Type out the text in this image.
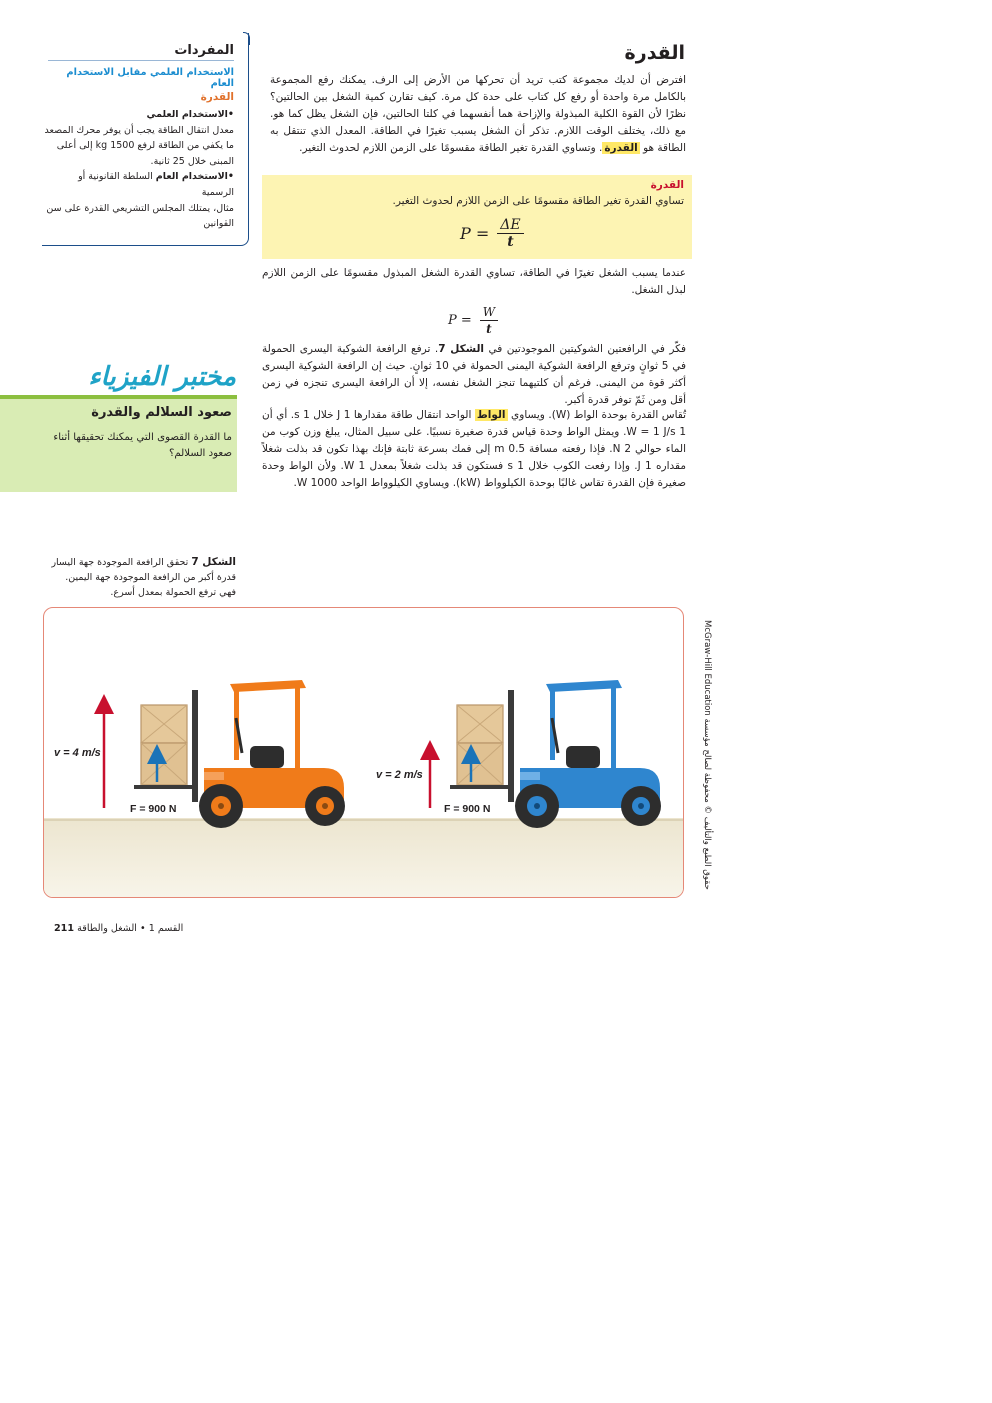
القدرة
افترض أن لديك مجموعة كتب تريد أن تحركها من الأرض إلى الرف. يمكنك رفع المجموعة بالكامل مرة واحدة أو رفع كل كتاب على حدة كل مرة. كيف تقارن كمية الشغل بين الحالتين؟ نظرًا لأن القوة الكلية المبذولة والإزاحة هما أنفسهما في كلتا الحالتين، فإن الشغل يظل كما هو. مع ذلك، يختلف الوقت اللازم. تذكر أن الشغل يسبب تغيرًا في الطاقة. المعدل الذي تنتقل به الطاقة هو القدرة. وتساوي القدرة تغير الطاقة مقسومًا على الزمن اللازم لحدوث التغير.
القدرة
تساوي القدرة تغير الطاقة مقسومًا على الزمن اللازم لحدوث التغير.
$P = \frac{\Delta E}{t}$
عندما يسبب الشغل تغيرًا في الطاقة، تساوي القدرة الشغل المبذول مقسومًا على الزمن اللازم لبذل الشغل.
$P = \frac{W}{t}$
فكّر في الرافعتين الشوكيتين الموجودتين في الشكل 7. ترفع الرافعة الشوكية اليسرى الحمولة في 5 ثوانٍ وترفع الرافعة الشوكية اليمنى الحمولة في 10 ثوانٍ. حيث إن الرافعة الشوكية اليسرى أكثر قوة من اليمنى. فرغم أن كلتيهما تنجز الشغل نفسه، إلا أن الرافعة اليسرى تنجزه في زمن أقل ومن ثَمّ توفر قدرة أكبر.
تُقاس القدرة بوحدة الواط (W). ويساوي الواط الواحد انتقال طاقة مقدارها 1 J خلال 1 s. أي أن 1 W = 1 J/s. ويمثل الواط وحدة قياس قدرة صغيرة نسبيًا. على سبيل المثال، يبلغ وزن كوب من الماء حوالي 2 N. فإذا رفعته مسافة 0.5 m إلى فمك بسرعة ثابتة فإنك بهذا تكون قد بذلت شغلاً مقداره 1 J. وإذا رفعت الكوب خلال 1 s فستكون قد بذلت شغلاً بمعدل 1 W. ولأن الواط وحدة صغيرة فإن القدرة تقاس غالبًا بوحدة الكيلوواط (kW). ويساوي الكيلوواط الواحد 1000 W.
المفردات
الاستخدام العلمي مقابل الاستخدام العام
القدرة
•الاستخدام العلمي
معدل انتقال الطاقة يجب أن يوفر محرك المصعد ما يكفي من الطاقة لرفع 1500 kg إلى أعلى المبنى خلال 25 ثانية.
•الاستخدام العام السلطة القانونية أو الرسمية
مثال، يمتلك المجلس التشريعي القدرة على سن القوانين
مختبر الفيزياء
صعود السلالم والقدرة
ما القدرة القصوى التي يمكنك تحقيقها أثناء صعود السلالم؟
الشكل 7 تحقق الرافعة الموجودة جهة اليسار قدرة أكبر من الرافعة الموجودة جهة اليمين. فهي ترفع الحمولة بمعدل أسرع.
v = 4 m/s
F = 900 N
v = 2 m/s
F = 900 N
القسم 1 • الشغل والطاقة 211
حقوق الطبع والتأليف © محفوظة لصالح مؤسسة McGraw-Hill Education
